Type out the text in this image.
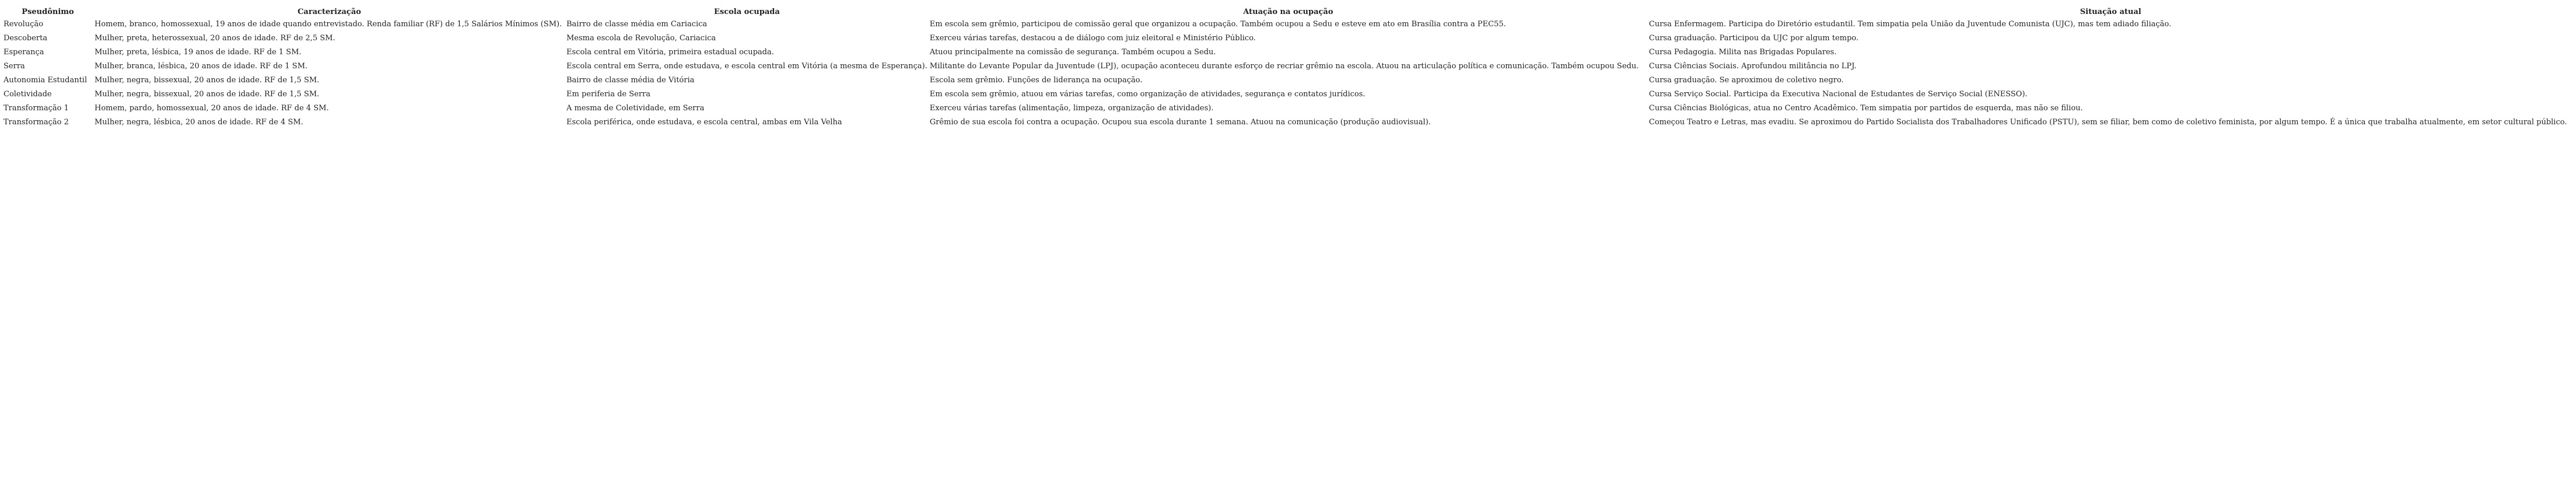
Pseudônimo	Caracterização	Escola ocupada	Atuação na ocupação	Situação atual
Revolução	Homem, branco, homossexual, 19 anos de idade quando entrevistado. Renda familiar (RF) de 1,5 Salários Mínimos (SM).	Bairro de classe média em Cariacica	Em escola sem grêmio, participou de comissão geral que organizou a ocupação. Também ocupou a Sedu e esteve em ato em Brasília contra a PEC55.	Cursa Enfermagem. Participa do Diretório estudantil. Tem simpatia pela União da Juventude Comunista (UJC), mas tem adiado filiação.
Descoberta	Mulher, preta, heterossexual, 20 anos de idade. RF de 2,5 SM.	Mesma escola de Revolução, Cariacica	Exerceu várias tarefas, destacou a de diálogo com juiz eleitoral e Ministério Público.	Cursa graduação. Participou da UJC por algum tempo.
Esperança	Mulher, preta, lésbica, 19 anos de idade. RF de 1 SM.	Escola central em Vitória, primeira estadual ocupada.	Atuou principalmente na comissão de segurança. Também ocupou a Sedu.	Cursa Pedagogia. Milita nas Brigadas Populares.
Serra	Mulher, branca, lésbica, 20 anos de idade. RF de 1 SM.	Escola central em Serra, onde estudava, e escola central em Vitória (a mesma de Esperança).	Militante do Levante Popular da Juventude (LPJ), ocupação aconteceu durante esforço de recriar grêmio na escola. Atuou na articulação política e comunicação. Também ocupou Sedu.	Cursa Ciências Sociais. Aprofundou militância no LPJ.
Autonomia Estudantil	Mulher, negra, bissexual, 20 anos de idade. RF de 1,5 SM.	Bairro de classe média de Vitória	Escola sem grêmio. Funções de liderança na ocupação.	Cursa graduação. Se aproximou de coletivo negro.
Coletividade	Mulher, negra, bissexual, 20 anos de idade. RF de 1,5 SM.	Em periferia de Serra	Em escola sem grêmio, atuou em várias tarefas, como organização de atividades, segurança e contatos jurídicos.	Cursa Serviço Social. Participa da Executiva Nacional de Estudantes de Serviço Social (ENESSO).
Transformação 1	Homem, pardo, homossexual, 20 anos de idade. RF de 4 SM.	A mesma de Coletividade, em Serra	Exerceu várias tarefas (alimentação, limpeza, organização de atividades).	Cursa Ciências Biológicas, atua no Centro Acadêmico. Tem simpatia por partidos de esquerda, mas não se filiou.
Transformação 2	Mulher, negra, lésbica, 20 anos de idade. RF de 4 SM.	Escola periférica, onde estudava, e escola central, ambas em Vila Velha	Grêmio de sua escola foi contra a ocupação. Ocupou sua escola durante 1 semana. Atuou na comunicação (produção audiovisual).	Começou Teatro e Letras, mas evadiu. Se aproximou do Partido Socialista dos Trabalhadores Unificado (PSTU), sem se filiar, bem como de coletivo feminista, por algum tempo. É a única que trabalha atualmente, em setor cultural público.
